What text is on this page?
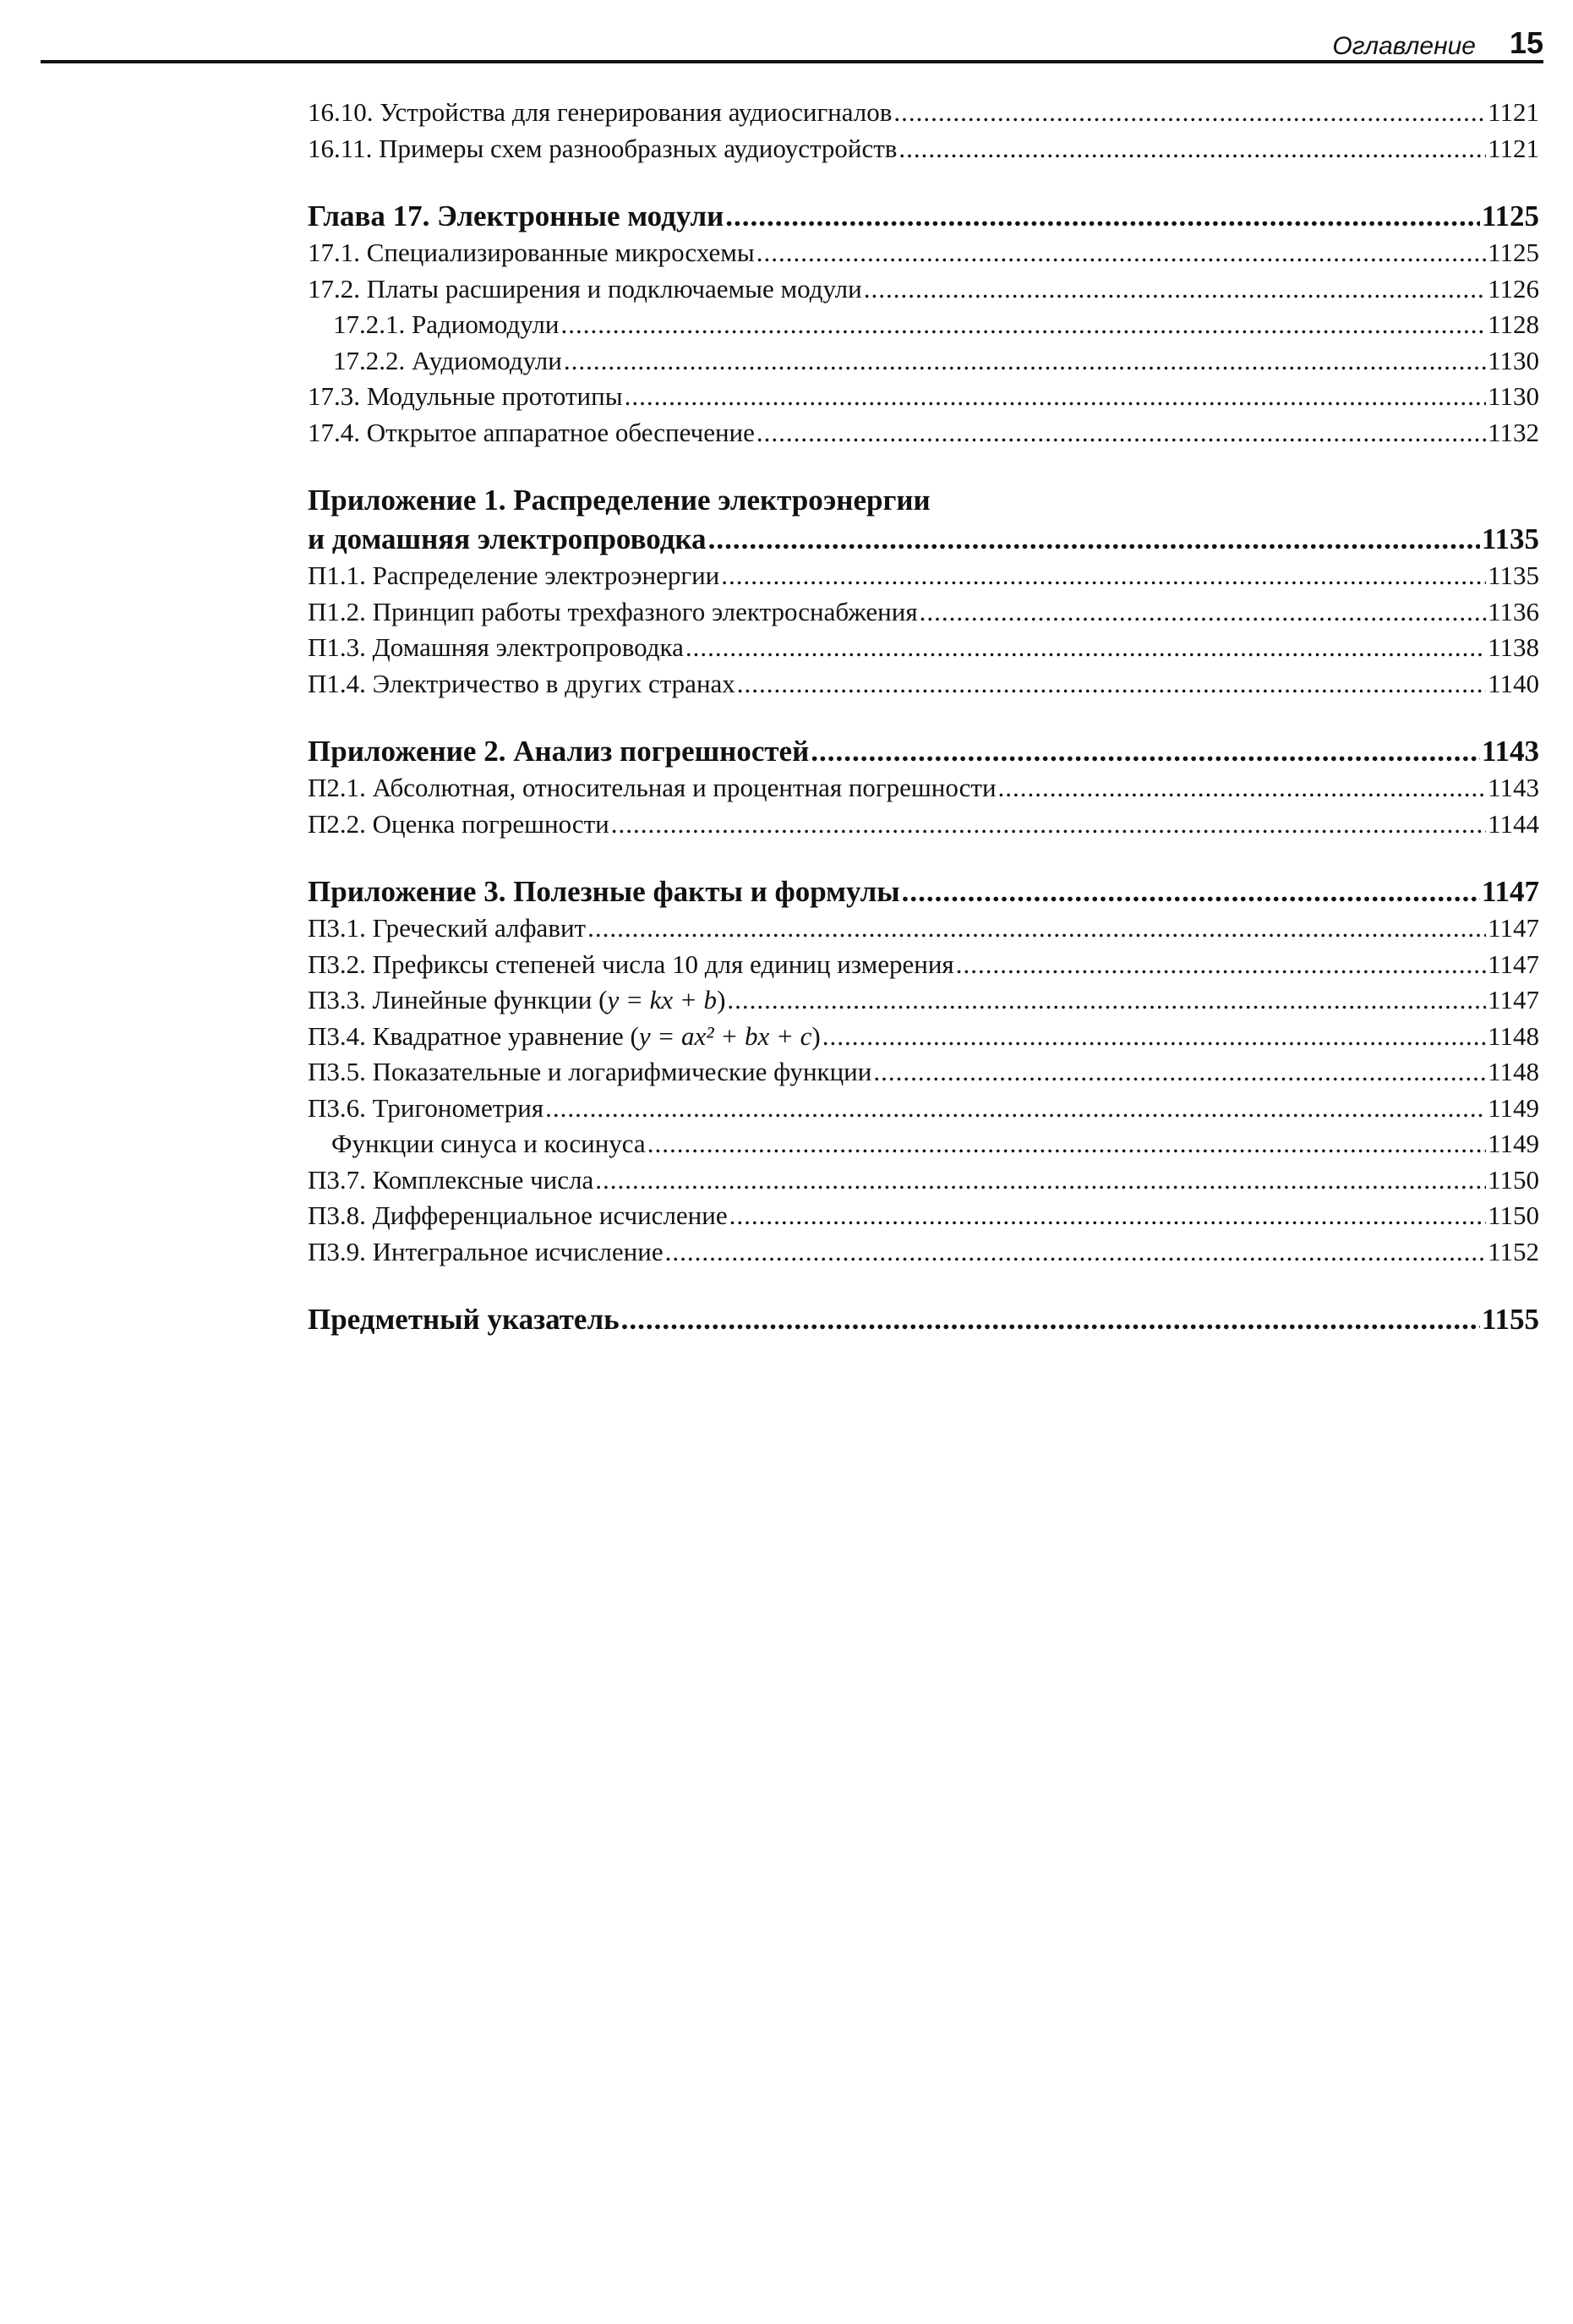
Оглавление 15
16.10. Устройства для генерирования аудиосигналов .....	1121
16.11. Примеры схем разнообразных аудиоустройств .....	1121
Глава 17. Электронные модули .....	1125
17.1. Специализированные микросхемы .....	1125
17.2. Платы расширения и подключаемые модули .....	1126
17.2.1. Радиомодули .....	1128
17.2.2. Аудиомодули .....	1130
17.3. Модульные прототипы .....	1130
17.4. Открытое аппаратное обеспечение .....	1132
Приложение 1. Распределение электроэнергии
и домашняя электропроводка .....	1135
П1.1. Распределение электроэнергии .....	1135
П1.2. Принцип работы трехфазного электроснабжения .....	1136
П1.3. Домашняя электропроводка .....	1138
П1.4. Электричество в других странах .....	1140
Приложение 2. Анализ погрешностей .....	1143
П2.1. Абсолютная, относительная и процентная погрешности .....	1143
П2.2. Оценка погрешности .....	1144
Приложение 3. Полезные факты и формулы .....	1147
П3.1. Греческий алфавит .....	1147
П3.2. Префиксы степеней числа 10 для единиц измерения .....	1147
П3.3. Линейные функции (y = kx + b) .....	1147
П3.4. Квадратное уравнение (y = ax² + bx + c) .....	1148
П3.5. Показательные и логарифмические функции .....	1148
П3.6. Тригонометрия .....	1149
Функции синуса и косинуса .....	1149
П3.7. Комплексные числа .....	1150
П3.8. Дифференциальное исчисление .....	1150
П3.9. Интегральное исчисление .....	1152
Предметный указатель .....	1155
